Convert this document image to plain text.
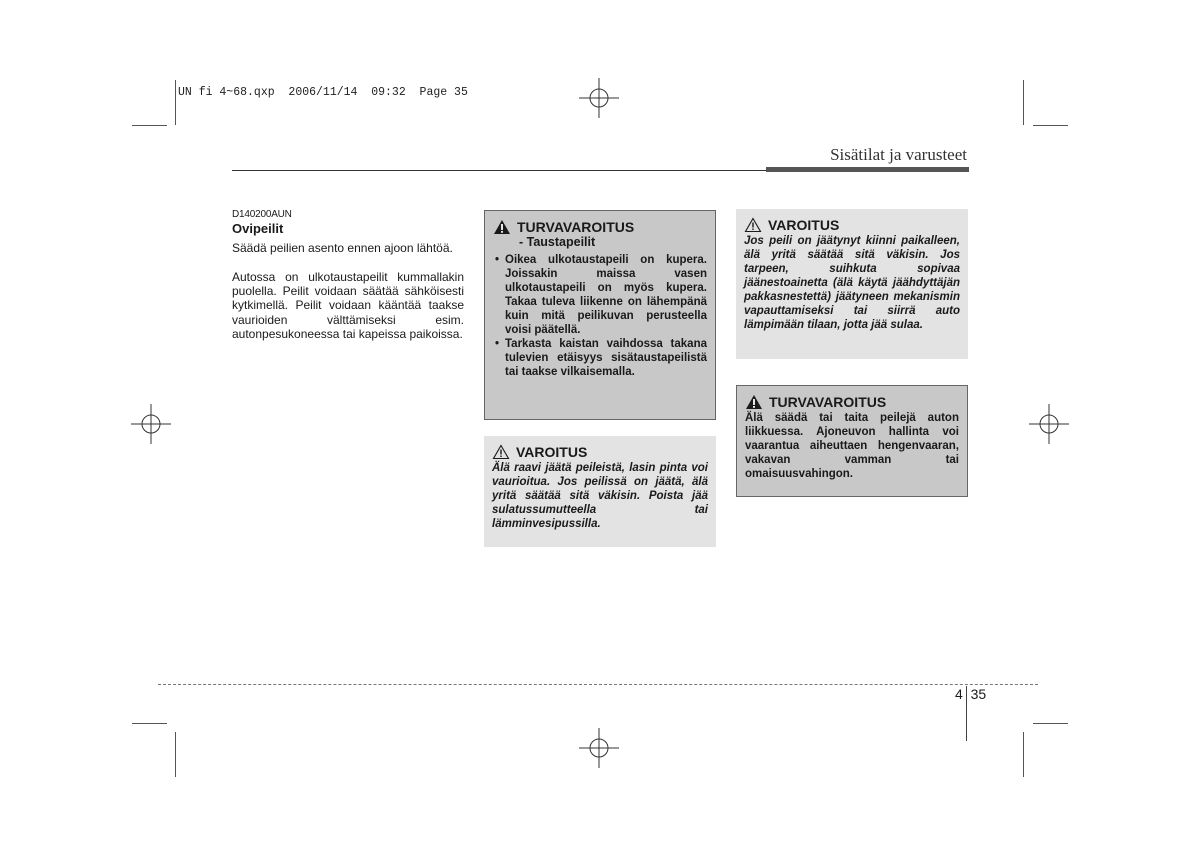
UN fi 4~68.qxp  2006/11/14  09:32  Page 35
Sisätilat ja varusteet
D140200AUN
Ovipeilit
Säädä peilien asento ennen ajoon lähtöä.
Autossa on ulkotaustapeilit kummallakin puolella. Peilit voidaan säätää sähköisesti kytkimellä. Peilit voidaan kääntää taakse vaurioiden välttämiseksi esim. autonpesukoneessa tai kapeissa paikoissa.
TURVAVAROITUS
- Taustapeilit
• Oikea ulkotaustapeili on kupera. Joissakin maissa vasen ulkotaustapeili on myös kupera. Takaa tuleva liikenne on lähempänä kuin mitä peilikuvan perusteella voisi päätellä.
• Tarkasta kaistan vaihdossa takana tulevien etäisyys sisätaustapeilistä tai taakse vilkaisemalla.
VAROITUS
Älä raavi jäätä peileistä, lasin pinta voi vaurioitua. Jos peilissä on jäätä, älä yritä säätää sitä väkisin. Poista jää sulatussumutteella tai lämminvesipussilla.
VAROITUS
Jos peili on jäätynyt kiinni paikalleen, älä yritä säätää sitä väkisin. Jos tarpeen, suihkuta sopivaa jäänestoainetta (älä käytä jäähdyttäjän pakkasnestettä) jäätyneen mekanismin vapauttamiseksi tai siirrä auto lämpimään tilaan, jotta jää sulaa.
TURVAVAROITUS
Älä säädä tai taita peilejä auton liikkuessa. Ajoneuvon hallinta voi vaarantua aiheuttaen hengenvaaran, vakavan vamman tai omaisuusvahingon.
4  35
